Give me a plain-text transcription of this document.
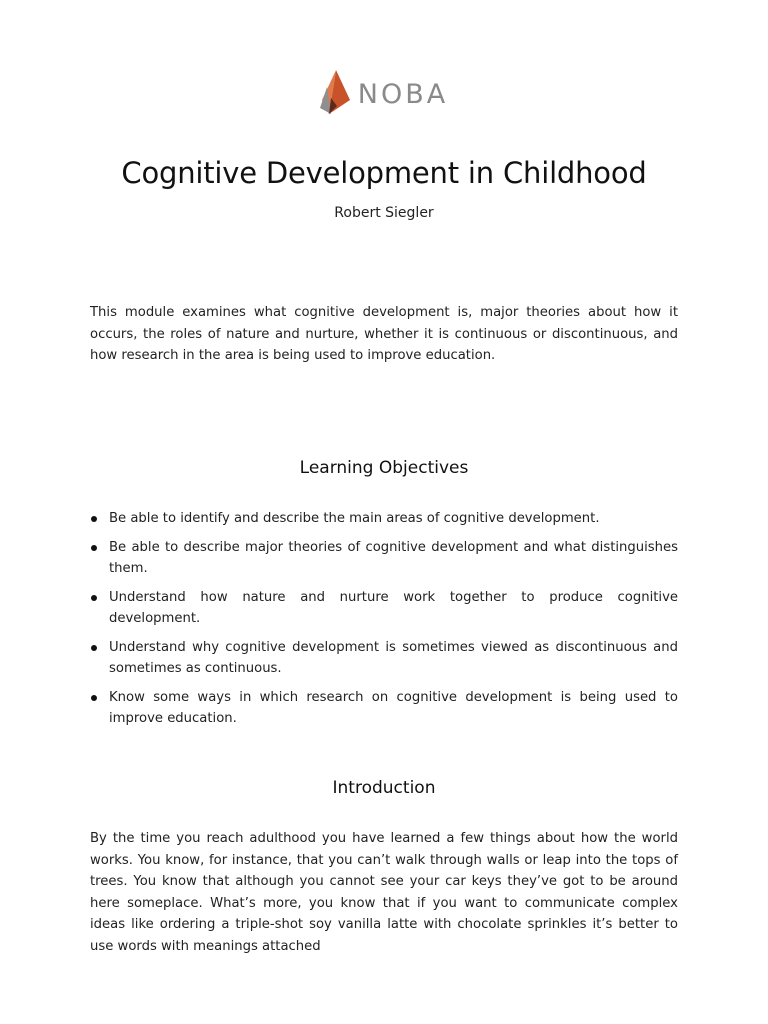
NOBA
Cognitive Development in Childhood
Robert Siegler

This module examines what cognitive development is, major theories about how it occurs, the roles of nature and nurture, whether it is continuous or discontinuous, and how research in the area is being used to improve education.

Learning Objectives
Be able to identify and describe the main areas of cognitive development.
Be able to describe major theories of cognitive development and what distinguishes them.
Understand how nature and nurture work together to produce cognitive development.
Understand why cognitive development is sometimes viewed as discontinuous and sometimes as continuous.
Know some ways in which research on cognitive development is being used to improve education.
Introduction

By the time you reach adulthood you have learned a few things about how the world works. You know, for instance, that you can’t walk through walls or leap into the tops of trees. You know that although you cannot see your car keys they’ve got to be around here someplace. What’s more, you know that if you want to communicate complex ideas like ordering a triple-shot soy vanilla latte with chocolate sprinkles it’s better to use words with meanings attached
